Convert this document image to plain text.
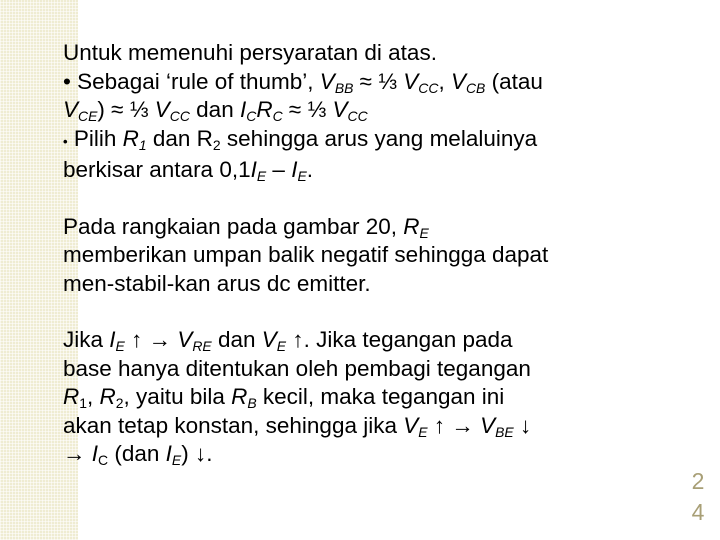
Untuk memenuhi persyaratan di atas.
• Sebagai ‘rule of thumb’, $V_{BB}$ ≈ ⅓ $V_{CC}$, $V_{CB}$ (atau
$V_{CE}$) ≈ ⅓ $V_{CC}$ dan $I_CR_C$ ≈ ⅓ $V_{CC}$
• Pilih $R_1$ dan $R_2$ sehingga arus yang melaluinya
berkisar antara $0,1I_E - I_E$.
Pada rangkaian pada gambar 20, $R_E$
memberikan umpan balik negatif sehingga dapat
men-stabil-kan arus dc emitter.
Jika $I_E$ ↑ → $V_{RE}$ dan $V_E$ ↑. Jika tegangan pada
base hanya ditentukan oleh pembagi tegangan
$R_1$, $R_2$, yaitu bila $R_B$ kecil, maka tegangan ini
akan tetap konstan, sehingga jika $V_E$ ↑ → $V_{BE}$ ↓
→ $I_C$ (dan $I_E$) ↓.
2
4
